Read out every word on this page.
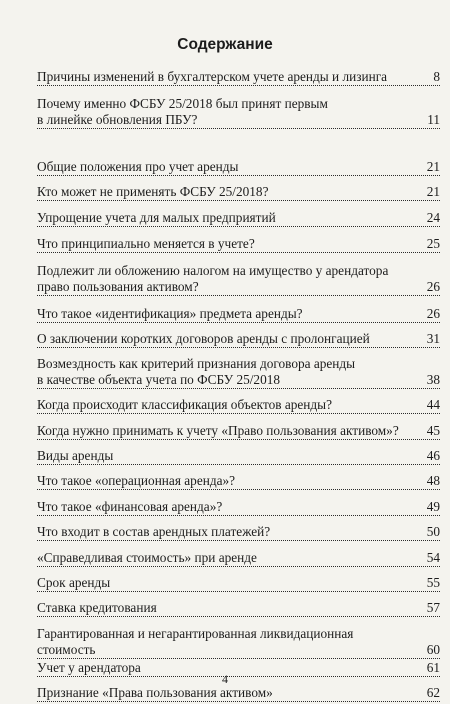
Содержание
Причины изменений в бухгалтерском учете аренды и лизинга	8
Почему именно ФСБУ 25/2018 был принят первым
в линейке обновления ПБУ?	11
Общие положения про учет аренды	21
Кто может не применять ФСБУ 25/2018?	21
Упрощение учета для малых предприятий	24
Что принципиально меняется в учете?	25
Подлежит ли обложению налогом на имущество у арендатора
право пользования активом?	26
Что такое «идентификация» предмета аренды?	26
О заключении коротких договоров аренды с пролонгацией	31
Возмездность как критерий признания договора аренды
в качестве объекта учета по ФСБУ 25/2018	38
Когда происходит классификация объектов аренды?	44
Когда нужно принимать к учету «Право пользования активом»? 45
Виды аренды	46
Что такое «операционная аренда»?	48
Что такое «финансовая аренда»?	49
Что входит в состав арендных платежей?	50
«Справедливая стоимость» при аренде	54
Срок аренды	55
Ставка кредитования	57
Гарантированная и негарантированная ликвидационная
стоимость	60
Учет у арендатора	61
Признание «Права пользования активом»	62
4
